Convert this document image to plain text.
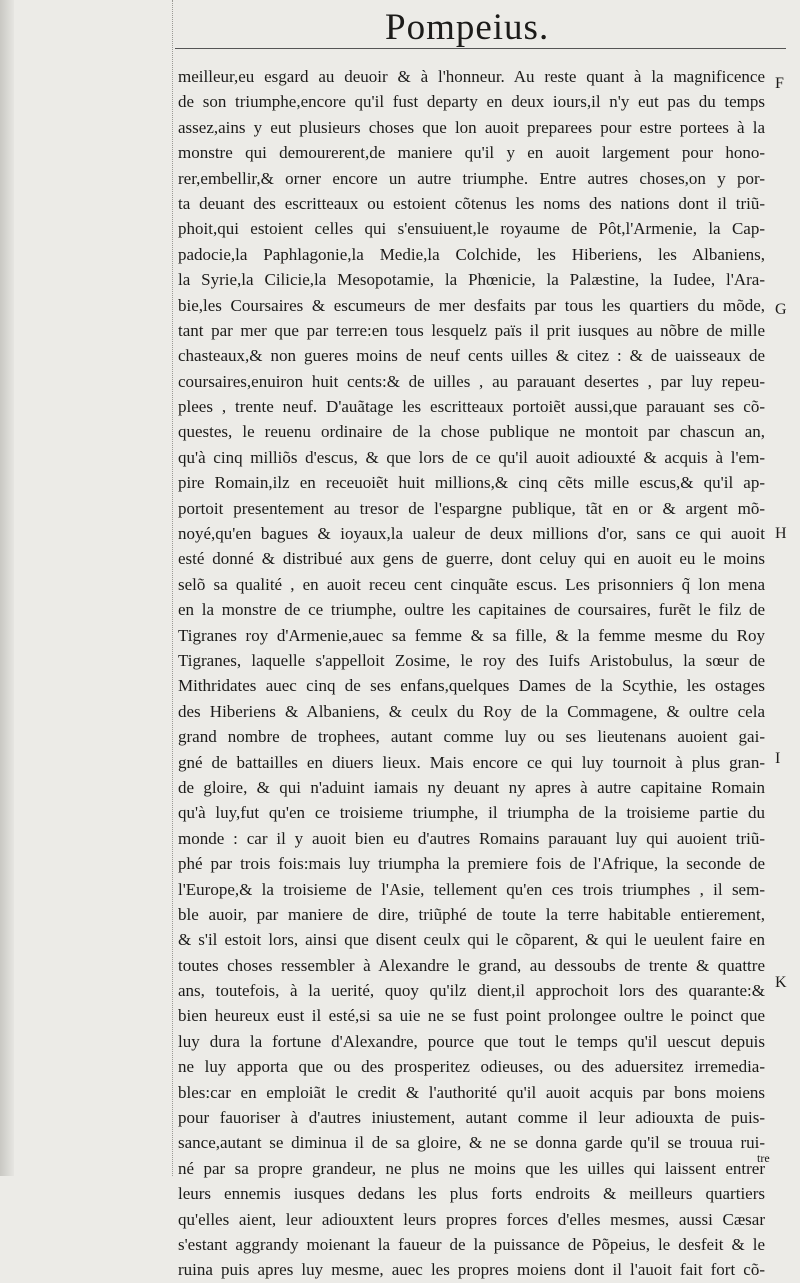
Pompeius.
meilleur,eu esgard au deuoir & à l'honneur. Au reste quant à la magnificence
de son triumphe,encore qu'il fust departy en deux iours,il n'y eut pas du temps
assez,ains y eut plusieurs choses que lon auoit preparees pour estre portees à la
monstre qui demourerent,de maniere qu'il y en auoit largement pour hono-
rer,embellir,& orner encore un autre triumphe. Entre autres choses,on y por-
ta deuant des escritteaux ou estoient cõtenus les noms des nations dont il triũ-
phoit,qui estoient celles qui s'ensuiuent,le royaume de Pôt,l'Armenie, la Cap-
padocie,la Paphlagonie,la Medie,la Colchide, les Hiberiens, les Albaniens,
la Syrie,la Cilicie,la Mesopotamie, la Phœnicie, la Palæstine, la Iudee, l'Ara-
bie,les Coursaires & escumeurs de mer desfaits par tous les quartiers du mõde,
tant par mer que par terre:en tous lesquelz païs il prit iusques au nõbre de mille
chasteaux,& non gueres moins de neuf cents uilles & citez : & de uaisseaux de
coursaires,enuiron huit cents:& de uilles , au parauant desertes , par luy repeu-
plees , trente neuf. D'auãtage les escritteaux portoiẽt aussi,que parauant ses cõ-
questes, le reuenu ordinaire de la chose publique ne montoit par chascun an,
qu'à cinq milliõs d'escus, & que lors de ce qu'il auoit adiouxté & acquis à l'em-
pire Romain,ilz en receuoiẽt huit millions,& cinq cẽts mille escus,& qu'il ap-
portoit presentement au tresor de l'espargne publique, tãt en or & argent mõ-
noyé,qu'en bagues & ioyaux,la ualeur de deux millions d'or, sans ce qui auoit
esté donné & distribué aux gens de guerre, dont celuy qui en auoit eu le moins
selõ sa qualité , en auoit receu cent cinquãte escus. Les prisonniers q̃ lon mena
en la monstre de ce triumphe, oultre les capitaines de coursaires, furẽt le filz de
Tigranes roy d'Armenie,auec sa femme & sa fille, & la femme mesme du Roy
Tigranes, laquelle s'appelloit Zosime, le roy des Iuifs Aristobulus, la sœur de
Mithridates auec cinq de ses enfans,quelques Dames de la Scythie, les ostages
des Hiberiens & Albaniens, & ceulx du Roy de la Commagene, & oultre cela
grand nombre de trophees, autant comme luy ou ses lieutenans auoient gai-
gné de battailles en diuers lieux. Mais encore ce qui luy tournoit à plus gran-
de gloire, & qui n'aduint iamais ny deuant ny apres à autre capitaine Romain
qu'à luy,fut qu'en ce troisieme triumphe, il triumpha de la troisieme partie du
monde : car il y auoit bien eu d'autres Romains parauant luy qui auoient triũ-
phé par trois fois:mais luy triumpha la premiere fois de l'Afrique, la seconde de
l'Europe,& la troisieme de l'Asie, tellement qu'en ces trois triumphes , il sem-
ble auoir, par maniere de dire, triũphé de toute la terre habitable entierement,
& s'il estoit lors, ainsi que disent ceulx qui le cõparent, & qui le ueulent faire en
toutes choses ressembler à Alexandre le grand, au dessoubs de trente & quattre
ans, toutefois, à la uerité, quoy qu'ilz dient,il approchoit lors des quarante:&
bien heureux eust il esté,si sa uie ne se fust point prolongee oultre le poinct que
luy dura la fortune d'Alexandre, pource que tout le temps qu'il uescut depuis
ne luy apporta que ou des prosperitez odieuses, ou des aduersitez irremedia-
bles:car en emploiãt le credit & l'authorité qu'il auoit acquis par bons moiens
pour fauoriser à d'autres iniustement, autant comme il leur adiouxta de puis-
sance,autant se diminua il de sa gloire, & ne se donna garde qu'il se trouua rui-
né par sa propre grandeur, ne plus ne moins que les uilles qui laissent entrer
leurs ennemis iusques dedans les plus forts endroits & meilleurs quartiers
qu'elles aient, leur adiouxtent leurs propres forces d'elles mesmes, aussi Cæsar
s'estant aggrandy moienant la faueur de la puissance de Põpeius, le desfeit & le
ruina puis apres luy mesme, auec les propres moiens dont il l'auoit fait fort cõ-
F
G
H
I
K
tre
